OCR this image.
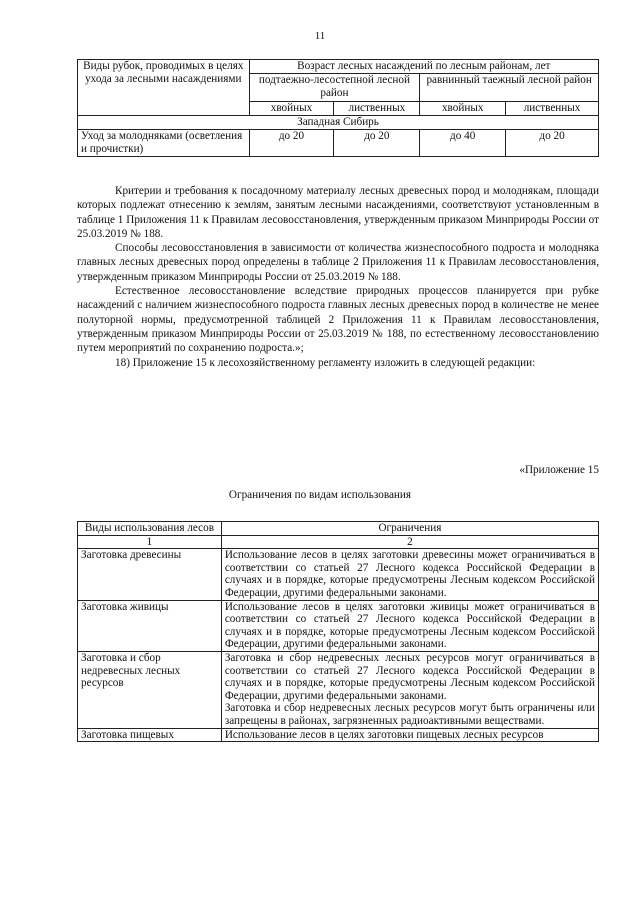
11
Виды рубок, проводимых в целях ухода за лесными насаждениями	Возраст лесных насаждений по лесным районам, лет			
	подтаежно-лесостепной лесной район		равнинный таежный лесной район	
	хвойных	лиственных	хвойных	лиственных
Западная Сибирь				
Уход за молодняками (осветления и прочистки)	до 20	до 20	до 40	до 20

Критерии и требования к посадочному материалу лесных древесных пород и молоднякам, площади которых подлежат отнесению к землям, занятым лесными насаждениями, соответствуют установленным в таблице 1 Приложения 11 к Правилам лесовосстановления, утвержденным приказом Минприроды России от 25.03.2019 № 188.

Способы лесовосстановления в зависимости от количества жизнеспособного подроста и молодняка главных лесных древесных пород определены в таблице 2 Приложения 11 к Правилам лесовосстановления, утвержденным приказом Минприроды России от 25.03.2019 № 188.

Естественное лесовосстановление вследствие природных процессов планируется при рубке насаждений с наличием жизнеспособного подроста главных лесных древесных пород в количестве не менее полуторной нормы, предусмотренной таблицей 2 Приложения 11 к Правилам лесовосстановления, утвержденным приказом Минприроды России от 25.03.2019 № 188, по естественному лесовосстановлению путем мероприятий по сохранению подроста.»;

18) Приложение 15 к лесохозяйственному регламенту изложить в следующей редакции:

«Приложение 15
Ограничения по видам использования
Виды использования лесов	Ограничения
1	2
Заготовка древесины	Использование лесов в целях заготовки древесины может ограничиваться в соответствии со статьей 27 Лесного кодекса Российской Федерации в случаях и в порядке, которые предусмотрены Лесным кодексом Российской Федерации, другими федеральными законами.
Заготовка живицы	Использование лесов в целях заготовки живицы может ограничиваться в соответствии со статьей 27 Лесного кодекса Российской Федерации в случаях и в порядке, которые предусмотрены Лесным кодексом Российской Федерации, другими федеральными законами.
Заготовка и сбор недревесных лесных ресурсов	Заготовка и сбор недревесных лесных ресурсов могут ограничиваться в соответствии со статьей 27 Лесного кодекса Российской Федерации в случаях и в порядке, которые предусмотрены Лесным кодексом Российской Федерации, другими федеральными законами.
Заготовка и сбор недревесных лесных ресурсов могут быть ограничены или запрещены в районах, загрязненных радиоактивными веществами.

Заготовка пищевых	Использование лесов в целях заготовки пищевых лесных ресурсов
